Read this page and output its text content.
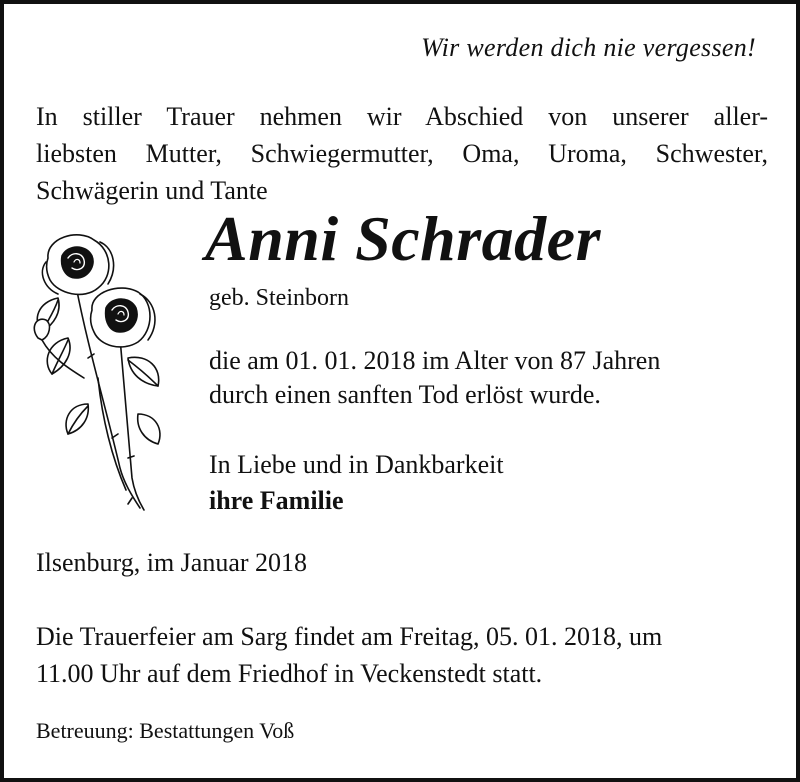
Wir werden dich nie vergessen!
In stiller Trauer nehmen wir Abschied von unserer aller-
liebsten Mutter, Schwiegermutter, Oma, Uroma, Schwester,
Schwägerin und Tante
Anni Schrader
geb. Steinborn
die am 01. 01. 2018 im Alter von 87 Jahren
durch einen sanften Tod erlöst wurde.
In Liebe und in Dankbarkeit
ihre Familie
Ilsenburg, im Januar 2018
Die Trauerfeier am Sarg findet am Freitag, 05. 01. 2018, um
11.00 Uhr auf dem Friedhof in Veckenstedt statt.
Betreuung: Bestattungen Voß
